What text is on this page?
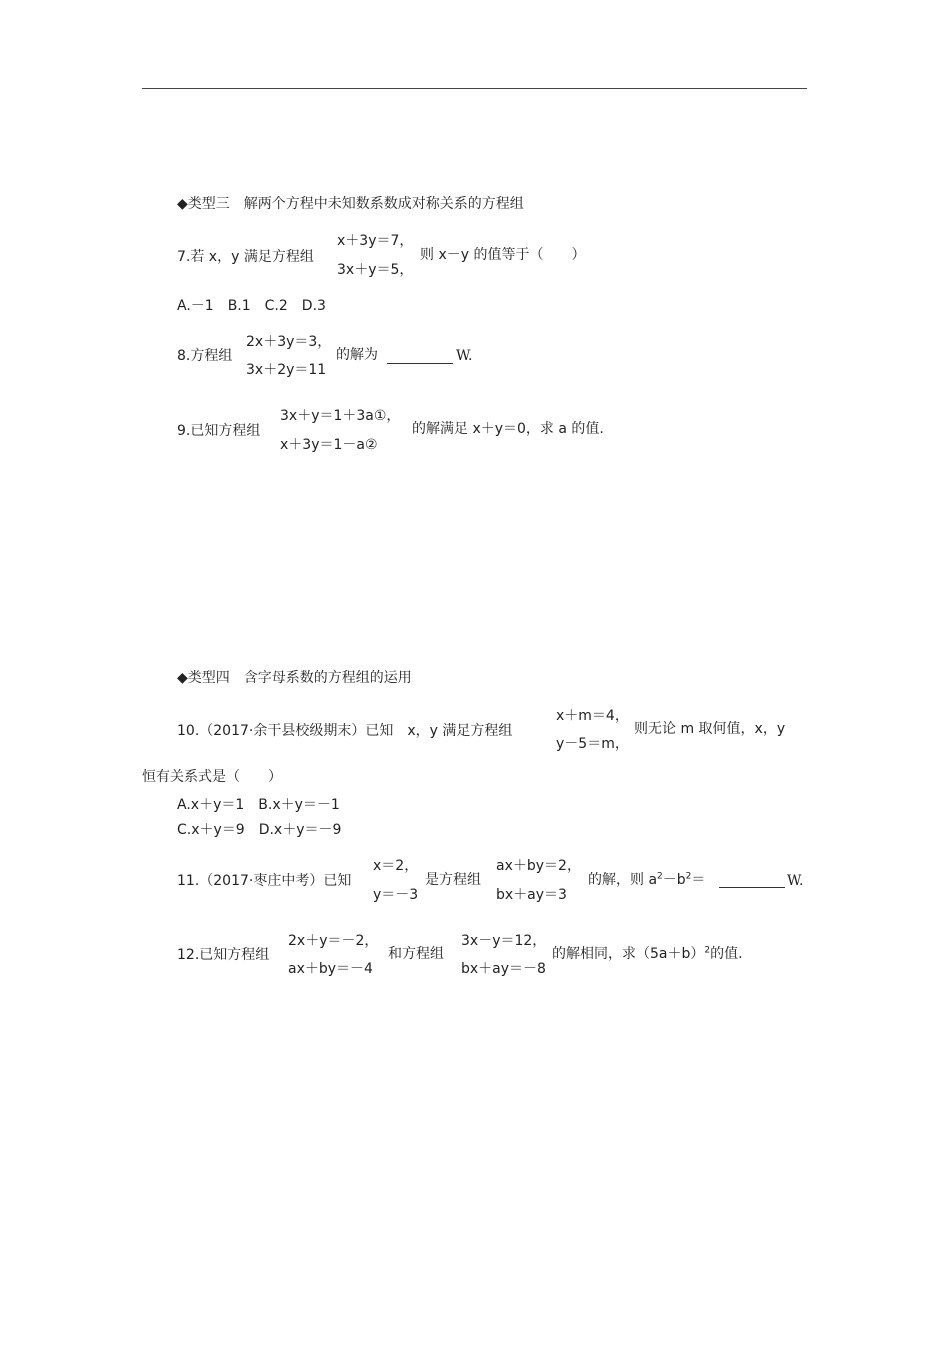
◆类型三　解两个方程中未知数系数成对称关系的方程组
7.若 x，y 满足方程组
x＋3y＝7，
3x＋y＝5，
则 x－y 的值等于（　　）
A.－1　B.1　C.2　D.3
8.方程组
2x＋3y＝3，
3x＋2y＝11
的解为	W.
9.已知方程组
3x＋y＝1＋3a①，
x＋3y＝1－a②
的解满足 x＋y＝0，求 a 的值.
◆类型四　含字母系数的方程组的运用
10.（2017·余干县校级期末）已知　x，y 满足方程组
x＋m＝4，
y－5＝m，
则无论 m 取何值，x，y
恒有关系式是（　　）
A.x＋y＝1　B.x＋y＝－1
C.x＋y＝9　D.x＋y＝－9
11.（2017·枣庄中考）已知
x＝2，
y＝－3
是方程组
ax＋by＝2，
bx＋ay＝3
的解，则 $a^2-b^2=$	W.
12.已知方程组
2x＋y＝－2，
ax＋by＝－4
和方程组
3x－y＝12，
bx＋ay＝－8
的解相同，求$(5a+b)^2$的值.
